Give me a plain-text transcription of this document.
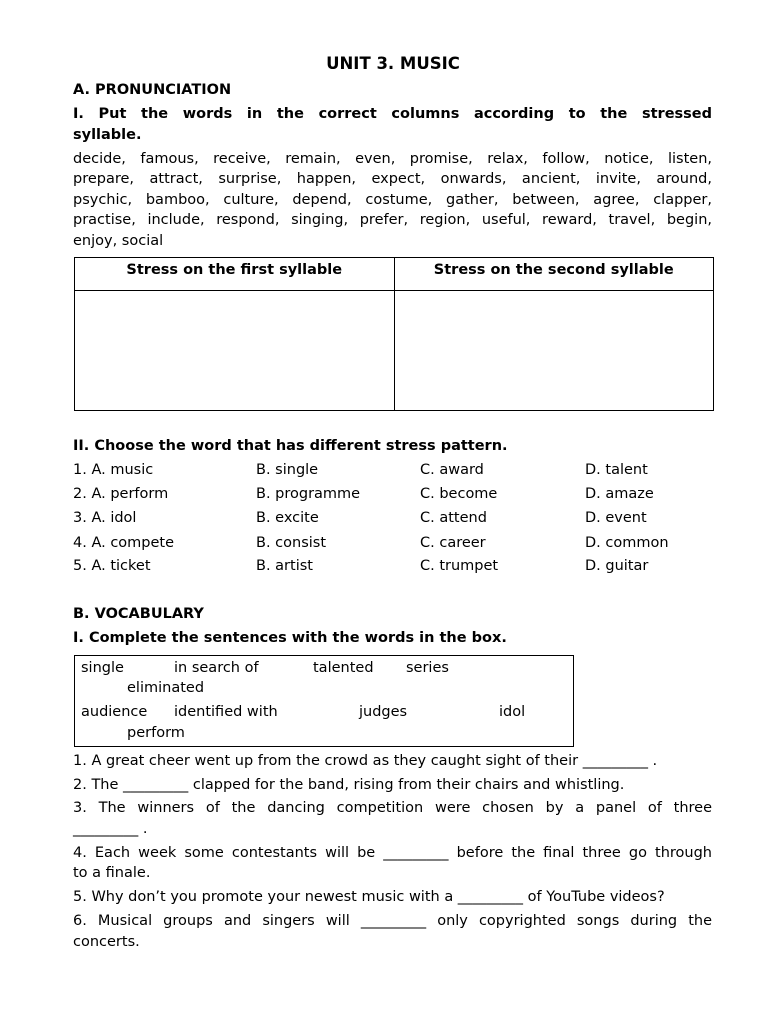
UNIT 3. MUSIC
A. PRONUNCIATION
I. Put the words in the correct columns according to the stressed
syllable.
decide, famous, receive, remain, even, promise, relax, follow, notice, listen,
prepare, attract, surprise, happen, expect, onwards, ancient, invite, around,
psychic, bamboo, culture, depend, costume, gather, between, agree, clapper,
practise, include, respond, singing, prefer, region, useful, reward, travel, begin,
enjoy, social
Stress on the first syllable	Stress on the second syllable

II. Choose the word that has different stress pattern.
1. A. music	B. single	C. award	D. talent
2. A. perform	B. programme	C. become	D. amaze
3. A. idol	B. excite	C. attend	D. event
4. A. compete	B. consist	C. career	D. common
5. A. ticket	B. artist	C. trumpet	D. guitar
B. VOCABULARY
I. Complete the sentences with the words in the box.
single	in search of	talented series
eliminated
audience identified with	judges	idol
perform
1. A great cheer went up from the crowd as they caught sight of their _________ .
2. The _________ clapped for the band, rising from their chairs and whistling.
3. The winners of the dancing competition were chosen by a panel of three
_________ .
4. Each week some contestants will be _________ before the final three go through
to a finale.
5. Why don’t you promote your newest music with a _________ of YouTube videos?
6. Musical groups and singers will _________ only copyrighted songs during the
concerts.
